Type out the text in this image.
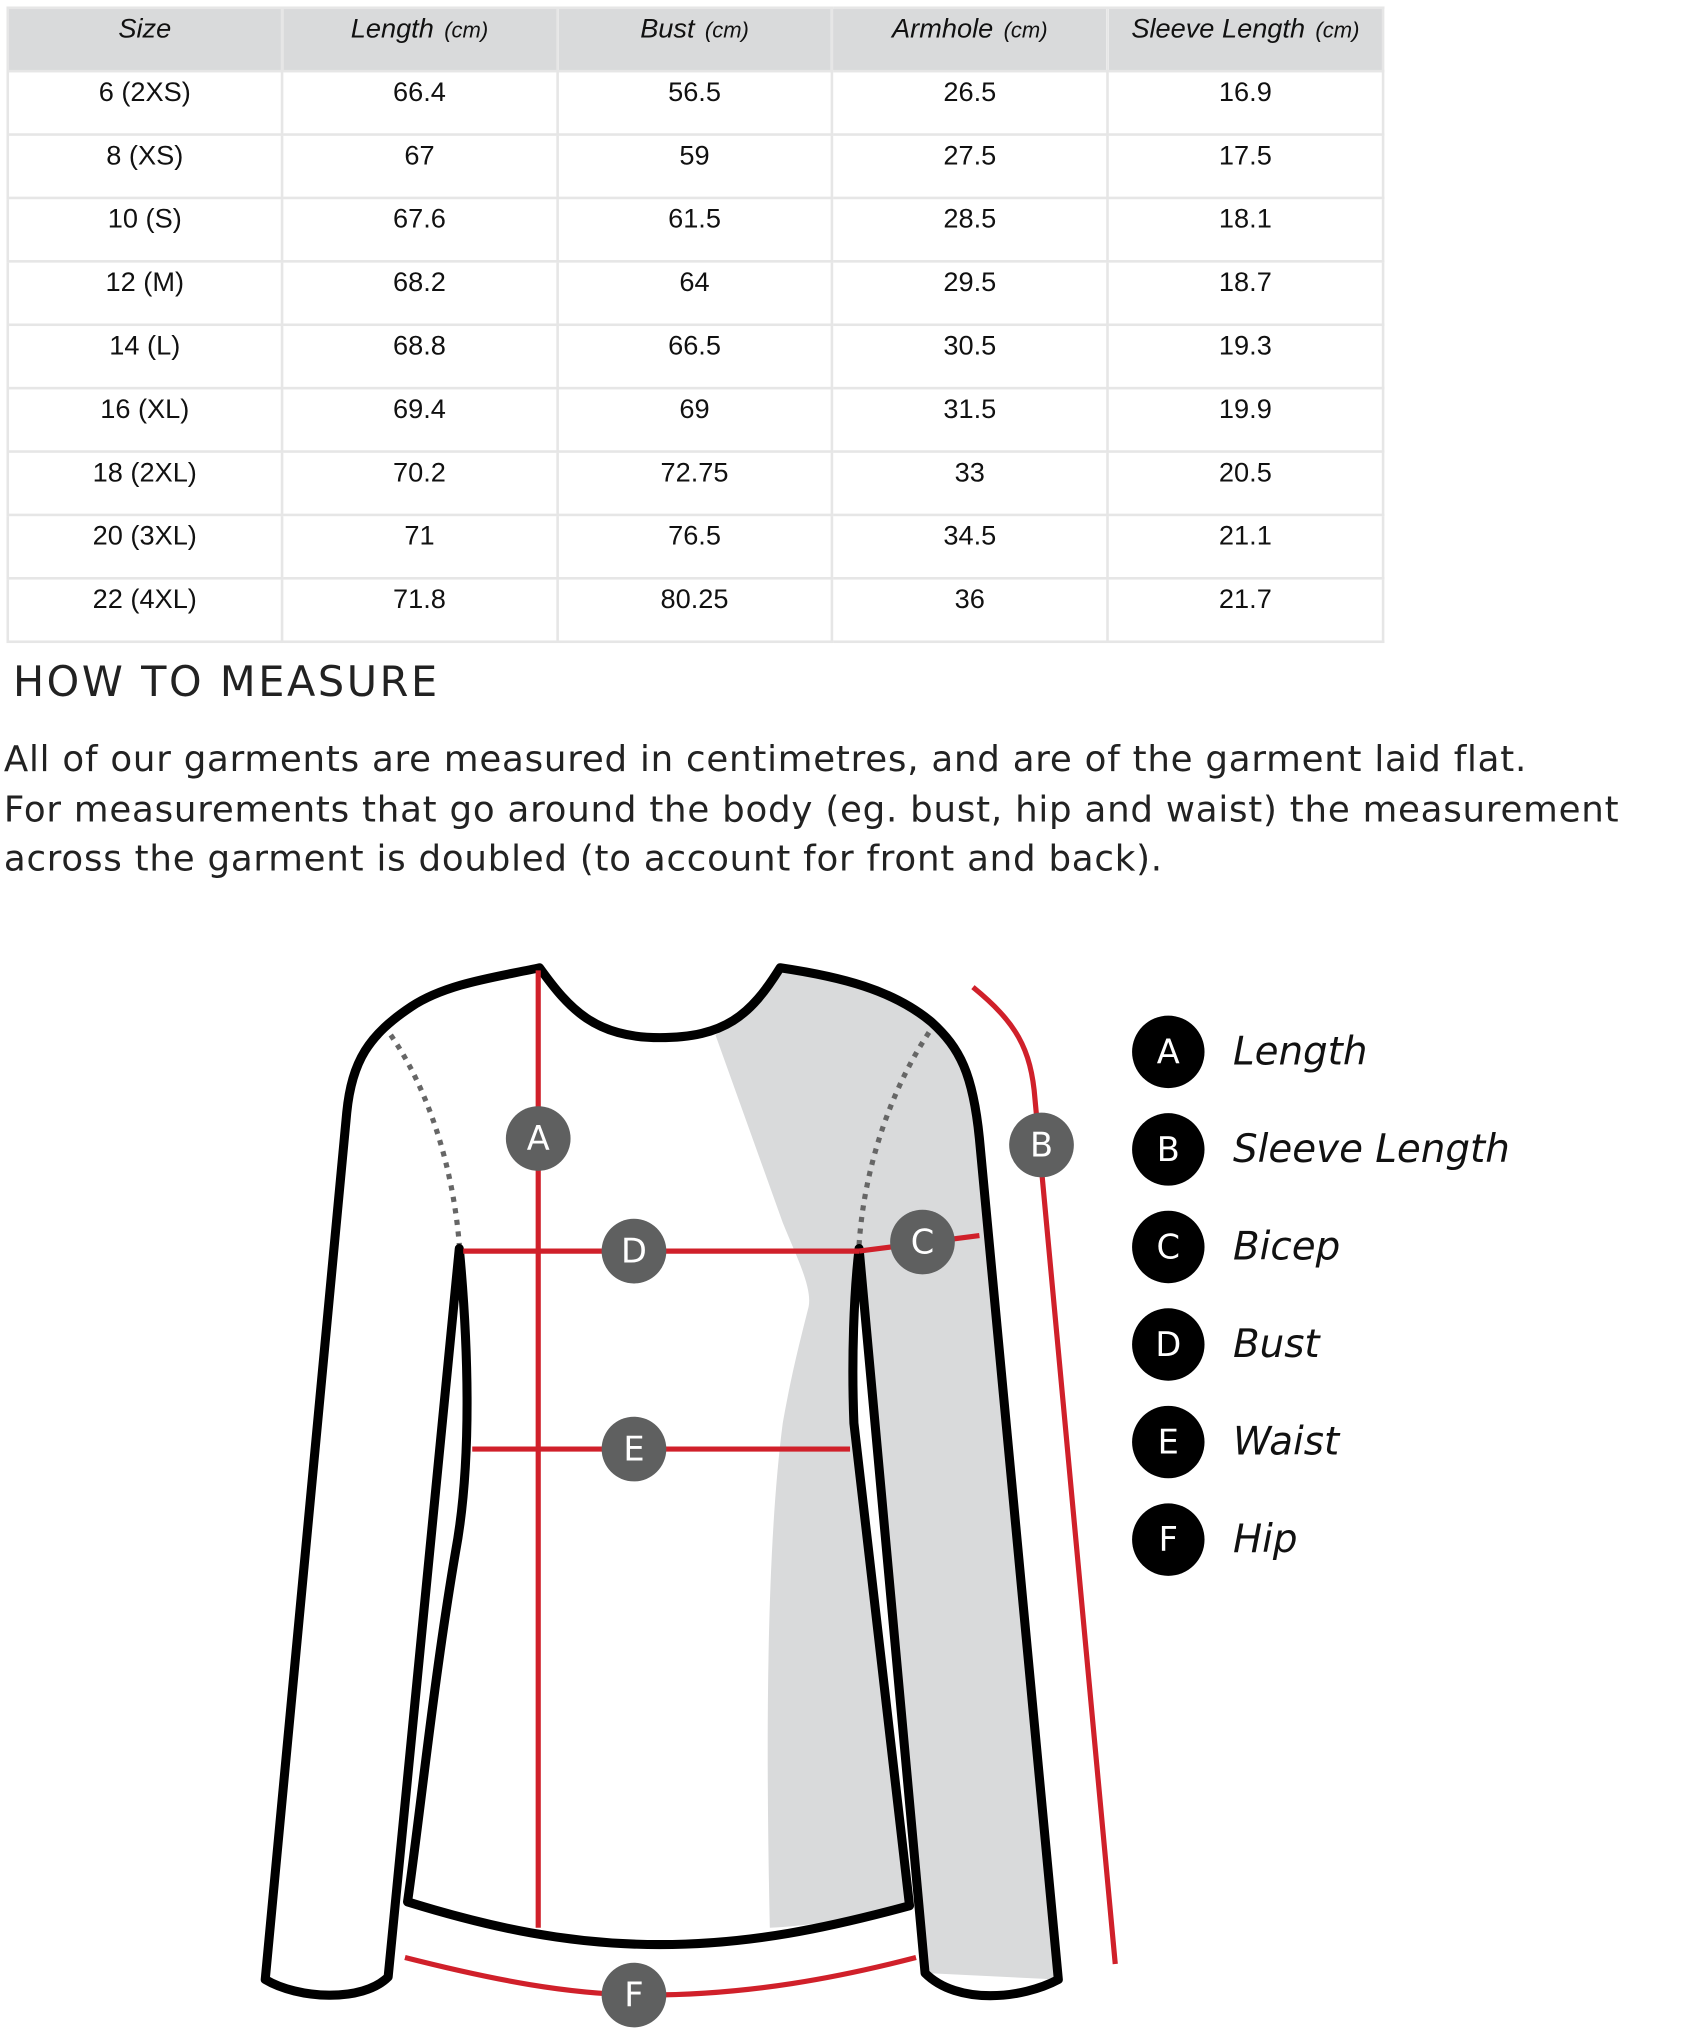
Size	Length (cm)	Bust (cm)	Armhole (cm)	Sleeve Length (cm)
6 (2XS)	66.4	56.5	26.5	16.9
8 (XS)	67	59	27.5	17.5
10 (S)	67.6	61.5	28.5	18.1
12 (M)	68.2	64	29.5	18.7
14 (L)	68.8	66.5	30.5	19.3
16 (XL)	69.4	69	31.5	19.9
18 (2XL)	70.2	72.75	33	20.5
20 (3XL)	71	76.5	34.5	21.1
22 (4XL)	71.8	80.25	36	21.7
HOW TO MEASURE
All of our garments are measured in centimetres, and are of the garment laid flat.
For measurements that go around the body (eg. bust, hip and waist) the measurement
across the garment is doubled (to account for front and back).
A	B
C
D
E
F
A Length
B Sleeve Length
C Bicep
D Bust
E Waist
F Hip
